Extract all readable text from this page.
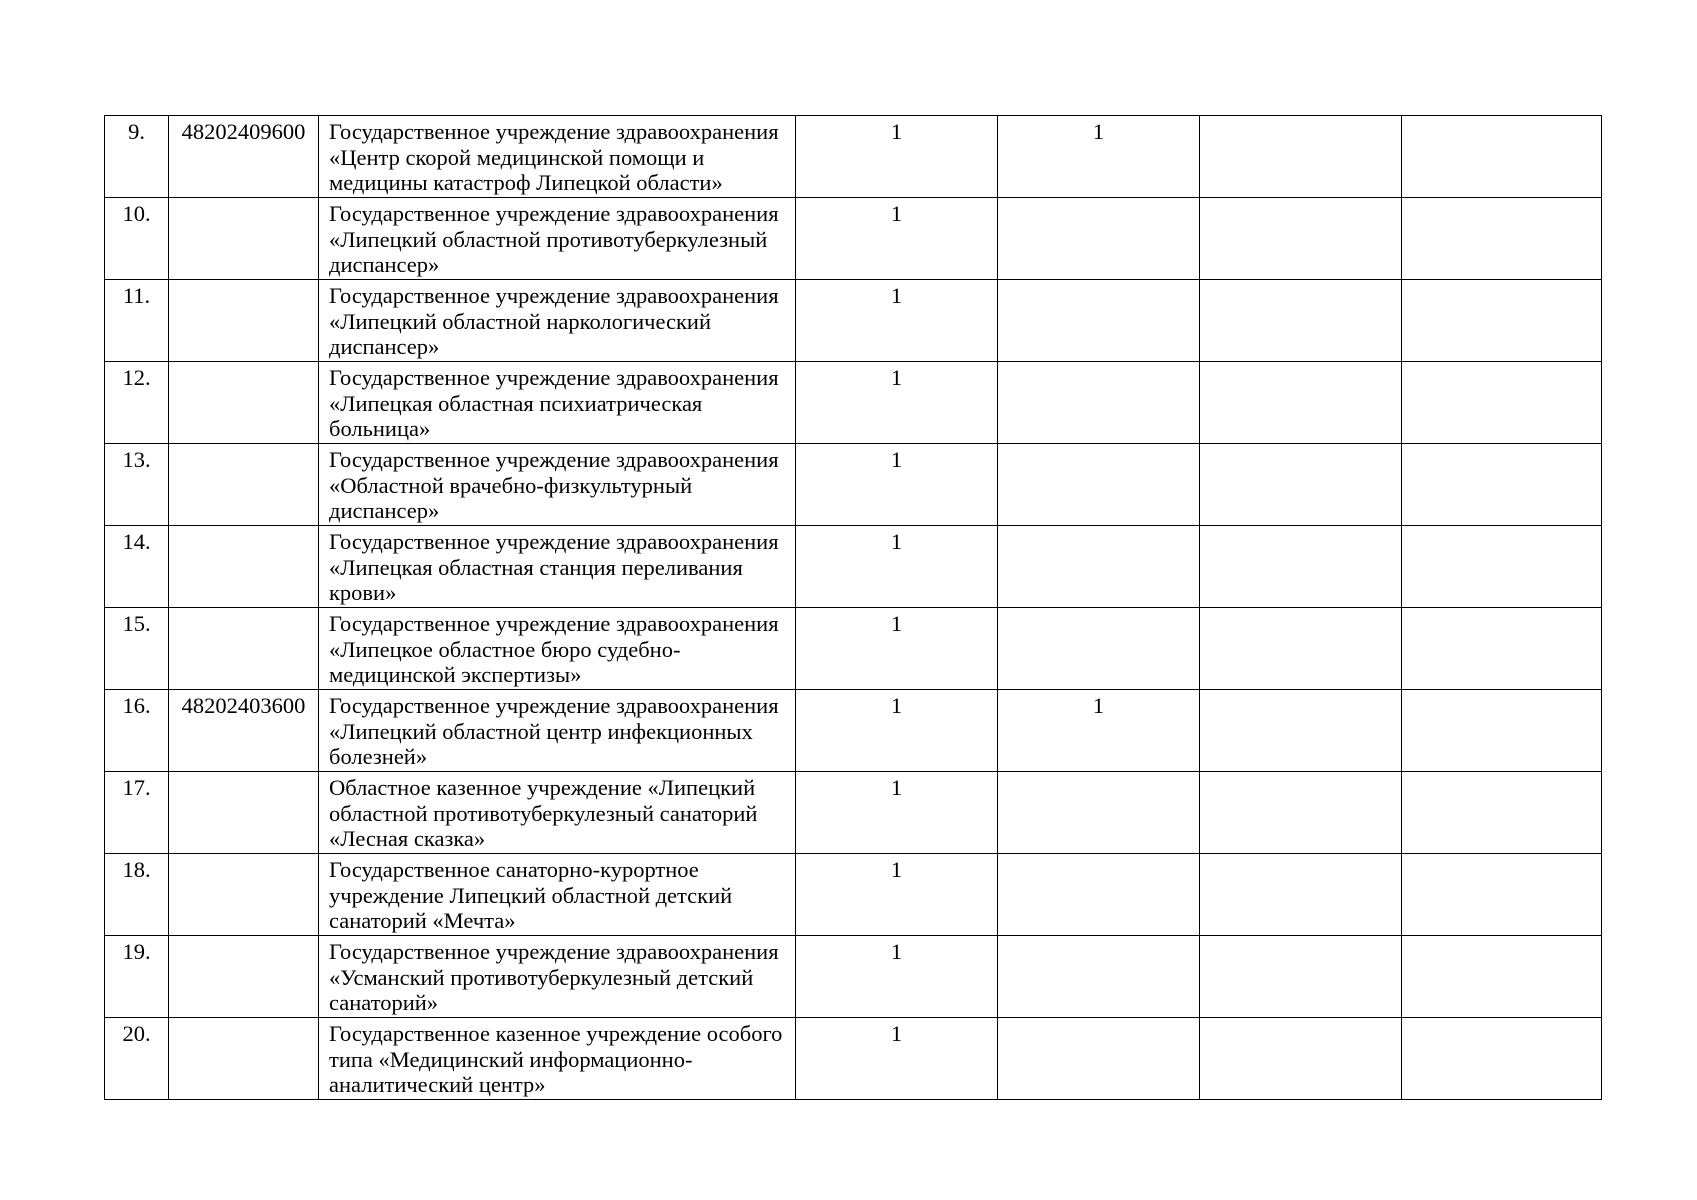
9.	48202409600	Государственное учреждение здравоохранения «Центр скорой медицинской помощи и медицины катастроф Липецкой области»	1	1		
10.		Государственное учреждение здравоохранения «Липецкий областной противотуберкулезный диспансер»	1			
11.		Государственное учреждение здравоохранения «Липецкий областной наркологический диспансер»	1			
12.		Государственное учреждение здравоохранения «Липецкая областная психиатрическая больница»	1			
13.		Государственное учреждение здравоохранения «Областной врачебно-физкультурный диспансер»	1			
14.		Государственное учреждение здравоохранения «Липецкая областная станция переливания крови»	1			
15.		Государственное учреждение здравоохранения «Липецкое областное бюро судебно-медицинской экспертизы»	1			
16.	48202403600	Государственное учреждение здравоохранения «Липецкий областной центр инфекционных болезней»	1	1		
17.		Областное казенное учреждение «Липецкий областной противотуберкулезный санаторий «Лесная сказка»	1			
18.		Государственное санаторно-курортное учреждение Липецкий областной детский санаторий «Мечта»	1			
19.		Государственное учреждение здравоохранения «Усманский противотуберкулезный детский санаторий»	1			
20.		Государственное казенное учреждение особого типа «Медицинский информационно-аналитический центр»	1			
